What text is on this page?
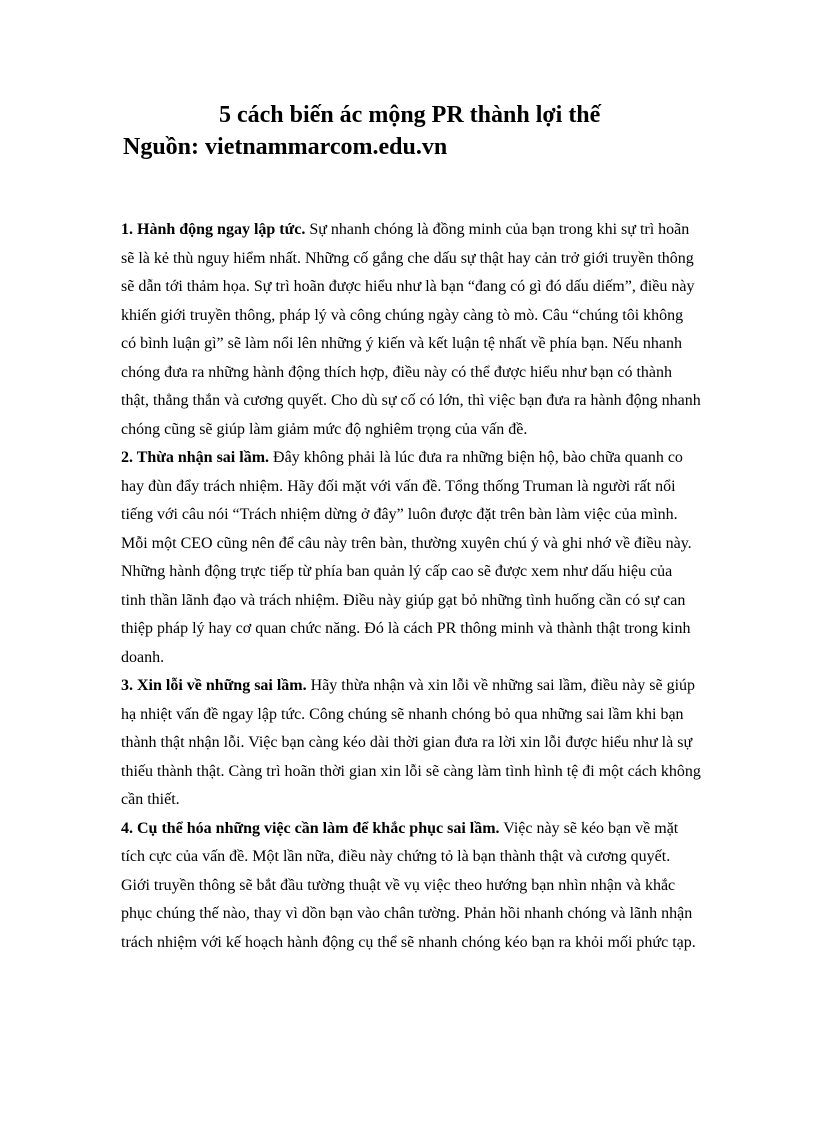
5 cách biến ác mộng PR thành lợi thế
Nguồn: vietnammarcom.edu.vn

1. Hành động ngay lập tức. Sự nhanh chóng là đồng minh của bạn trong khi sự trì hoãn sẽ là kẻ thù nguy hiểm nhất. Những cố gắng che dấu sự thật hay cản trở giới truyền thông sẽ dẫn tới thảm họa. Sự trì hoãn được hiểu như là bạn “đang có gì đó dấu diếm”, điều này khiến giới truyền thông, pháp lý và công chúng ngày càng tò mò. Câu “chúng tôi không có bình luận gì” sẽ làm nổi lên những ý kiến và kết luận tệ nhất về phía bạn. Nếu nhanh chóng đưa ra những hành động thích hợp, điều này có thể được hiểu như bạn có thành thật, thẳng thắn và cương quyết. Cho dù sự cố có lớn, thì việc bạn đưa ra hành động nhanh chóng cũng sẽ giúp làm giảm mức độ nghiêm trọng của vấn đề.

2. Thừa nhận sai lầm. Đây không phải là lúc đưa ra những biện hộ, bào chữa quanh co hay đùn đẩy trách nhiệm. Hãy đối mặt với vấn đề. Tổng thống Truman là người rất nổi tiếng với câu nói “Trách nhiệm dừng ở đây” luôn được đặt trên bàn làm việc của mình. Mỗi một CEO cũng nên để câu này trên bàn, thường xuyên chú ý và ghi nhớ về điều này. Những hành động trực tiếp từ phía ban quản lý cấp cao sẽ được xem như dấu hiệu của tinh thần lãnh đạo và trách nhiệm. Điều này giúp gạt bỏ những tình huống cần có sự can thiệp pháp lý hay cơ quan chức năng. Đó là cách PR thông minh và thành thật trong kinh doanh.

3. Xin lỗi về những sai lầm. Hãy thừa nhận và xin lỗi về những sai lầm, điều này sẽ giúp hạ nhiệt vấn đề ngay lập tức. Công chúng sẽ nhanh chóng bỏ qua những sai lầm khi bạn thành thật nhận lỗi. Việc bạn càng kéo dài thời gian đưa ra lời xin lỗi được hiểu như là sự thiếu thành thật. Càng trì hoãn thời gian xin lỗi sẽ càng làm tình hình tệ đi một cách không cần thiết.

4. Cụ thể hóa những việc cần làm để khắc phục sai lầm. Việc này sẽ kéo bạn về mặt tích cực của vấn đề. Một lần nữa, điều này chứng tỏ là bạn thành thật và cương quyết. Giới truyền thông sẽ bắt đầu tường thuật về vụ việc theo hướng bạn nhìn nhận và khắc phục chúng thế nào, thay vì dồn bạn vào chân tường. Phản hồi nhanh chóng và lãnh nhận trách nhiệm với kế hoạch hành động cụ thể sẽ nhanh chóng kéo bạn ra khỏi mối phức tạp.
